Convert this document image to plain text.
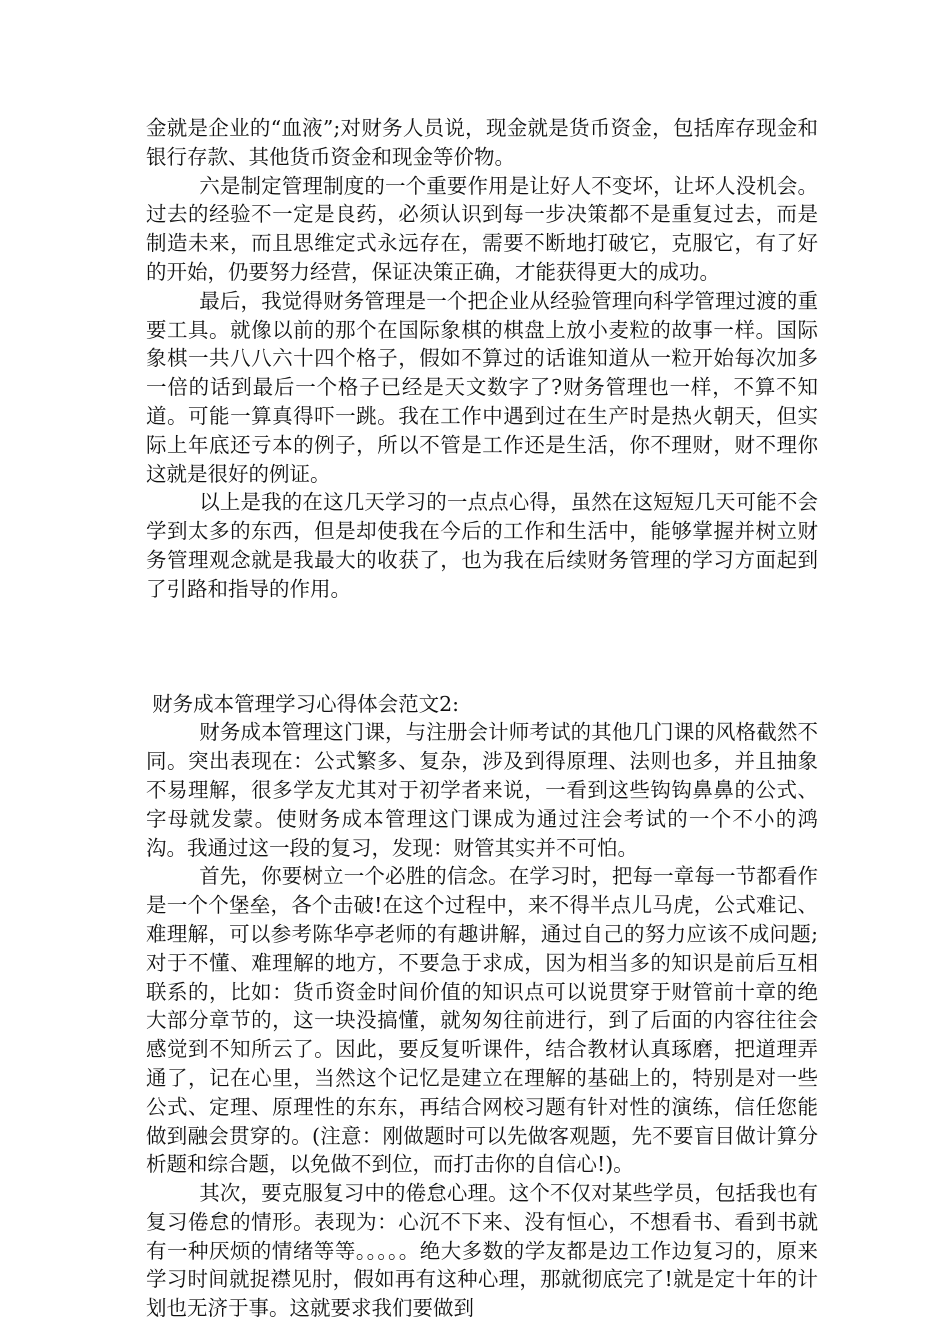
金就是企业的“血液”;对财务人员说，现金就是货币资金，包括库存现金和银行存款、其他货币资金和现金等价物。

六是制定管理制度的一个重要作用是让好人不变坏，让坏人没机会。过去的经验不一定是良药，必须认识到每一步决策都不是重复过去，而是制造未来，而且思维定式永远存在，需要不断地打破它，克服它，有了好的开始，仍要努力经营，保证决策正确，才能获得更大的成功。

最后，我觉得财务管理是一个把企业从经验管理向科学管理过渡的重要工具。就像以前的那个在国际象棋的棋盘上放小麦粒的故事一样。国际象棋一共八八六十四个格子，假如不算过的话谁知道从一粒开始每次加多一倍的话到最后一个格子已经是天文数字了?财务管理也一样，不算不知道。可能一算真得吓一跳。我在工作中遇到过在生产时是热火朝天，但实际上年底还亏本的例子，所以不管是工作还是生活，你不理财，财不理你这就是很好的例证。

以上是我的在这几天学习的一点点心得，虽然在这短短几天可能不会学到太多的东西，但是却使我在今后的工作和生活中，能够掌握并树立财务管理观念就是我最大的收获了，也为我在后续财务管理的学习方面起到了引路和指导的作用。

财务成本管理学习心得体会范文2:

财务成本管理这门课，与注册会计师考试的其他几门课的风格截然不同。突出表现在：公式繁多、复杂，涉及到得原理、法则也多，并且抽象不易理解，很多学友尤其对于初学者来说，一看到这些钩钩鼻鼻的公式、字母就发蒙。使财务成本管理这门课成为通过注会考试的一个不小的鸿沟。我通过这一段的复习，发现：财管其实并不可怕。

首先，你要树立一个必胜的信念。在学习时，把每一章每一节都看作是一个个堡垒，各个击破!在这个过程中，来不得半点儿马虎，公式难记、难理解，可以参考陈华亭老师的有趣讲解，通过自己的努力应该不成问题;对于不懂、难理解的地方，不要急于求成，因为相当多的知识是前后互相联系的，比如：货币资金时间价值的知识点可以说贯穿于财管前十章的绝大部分章节的，这一块没搞懂，就匆匆往前进行，到了后面的内容往往会感觉到不知所云了。因此，要反复听课件，结合教材认真琢磨，把道理弄通了，记在心里，当然这个记忆是建立在理解的基础上的，特别是对一些公式、定理、原理性的东东，再结合网校习题有针对性的演练，信任您能做到融会贯穿的。(注意：刚做题时可以先做客观题，先不要盲目做计算分析题和综合题，以免做不到位，而打击你的自信心!)。

其次，要克服复习中的倦怠心理。这个不仅对某些学员，包括我也有复习倦怠的情形。表现为：心沉不下来、没有恒心，不想看书、看到书就有一种厌烦的情绪等等。。。。。绝大多数的学友都是边工作边复习的，原来学习时间就捉襟见肘，假如再有这种心理，那就彻底完了!就是定十年的计划也无济于事。这就要求我们要做到
